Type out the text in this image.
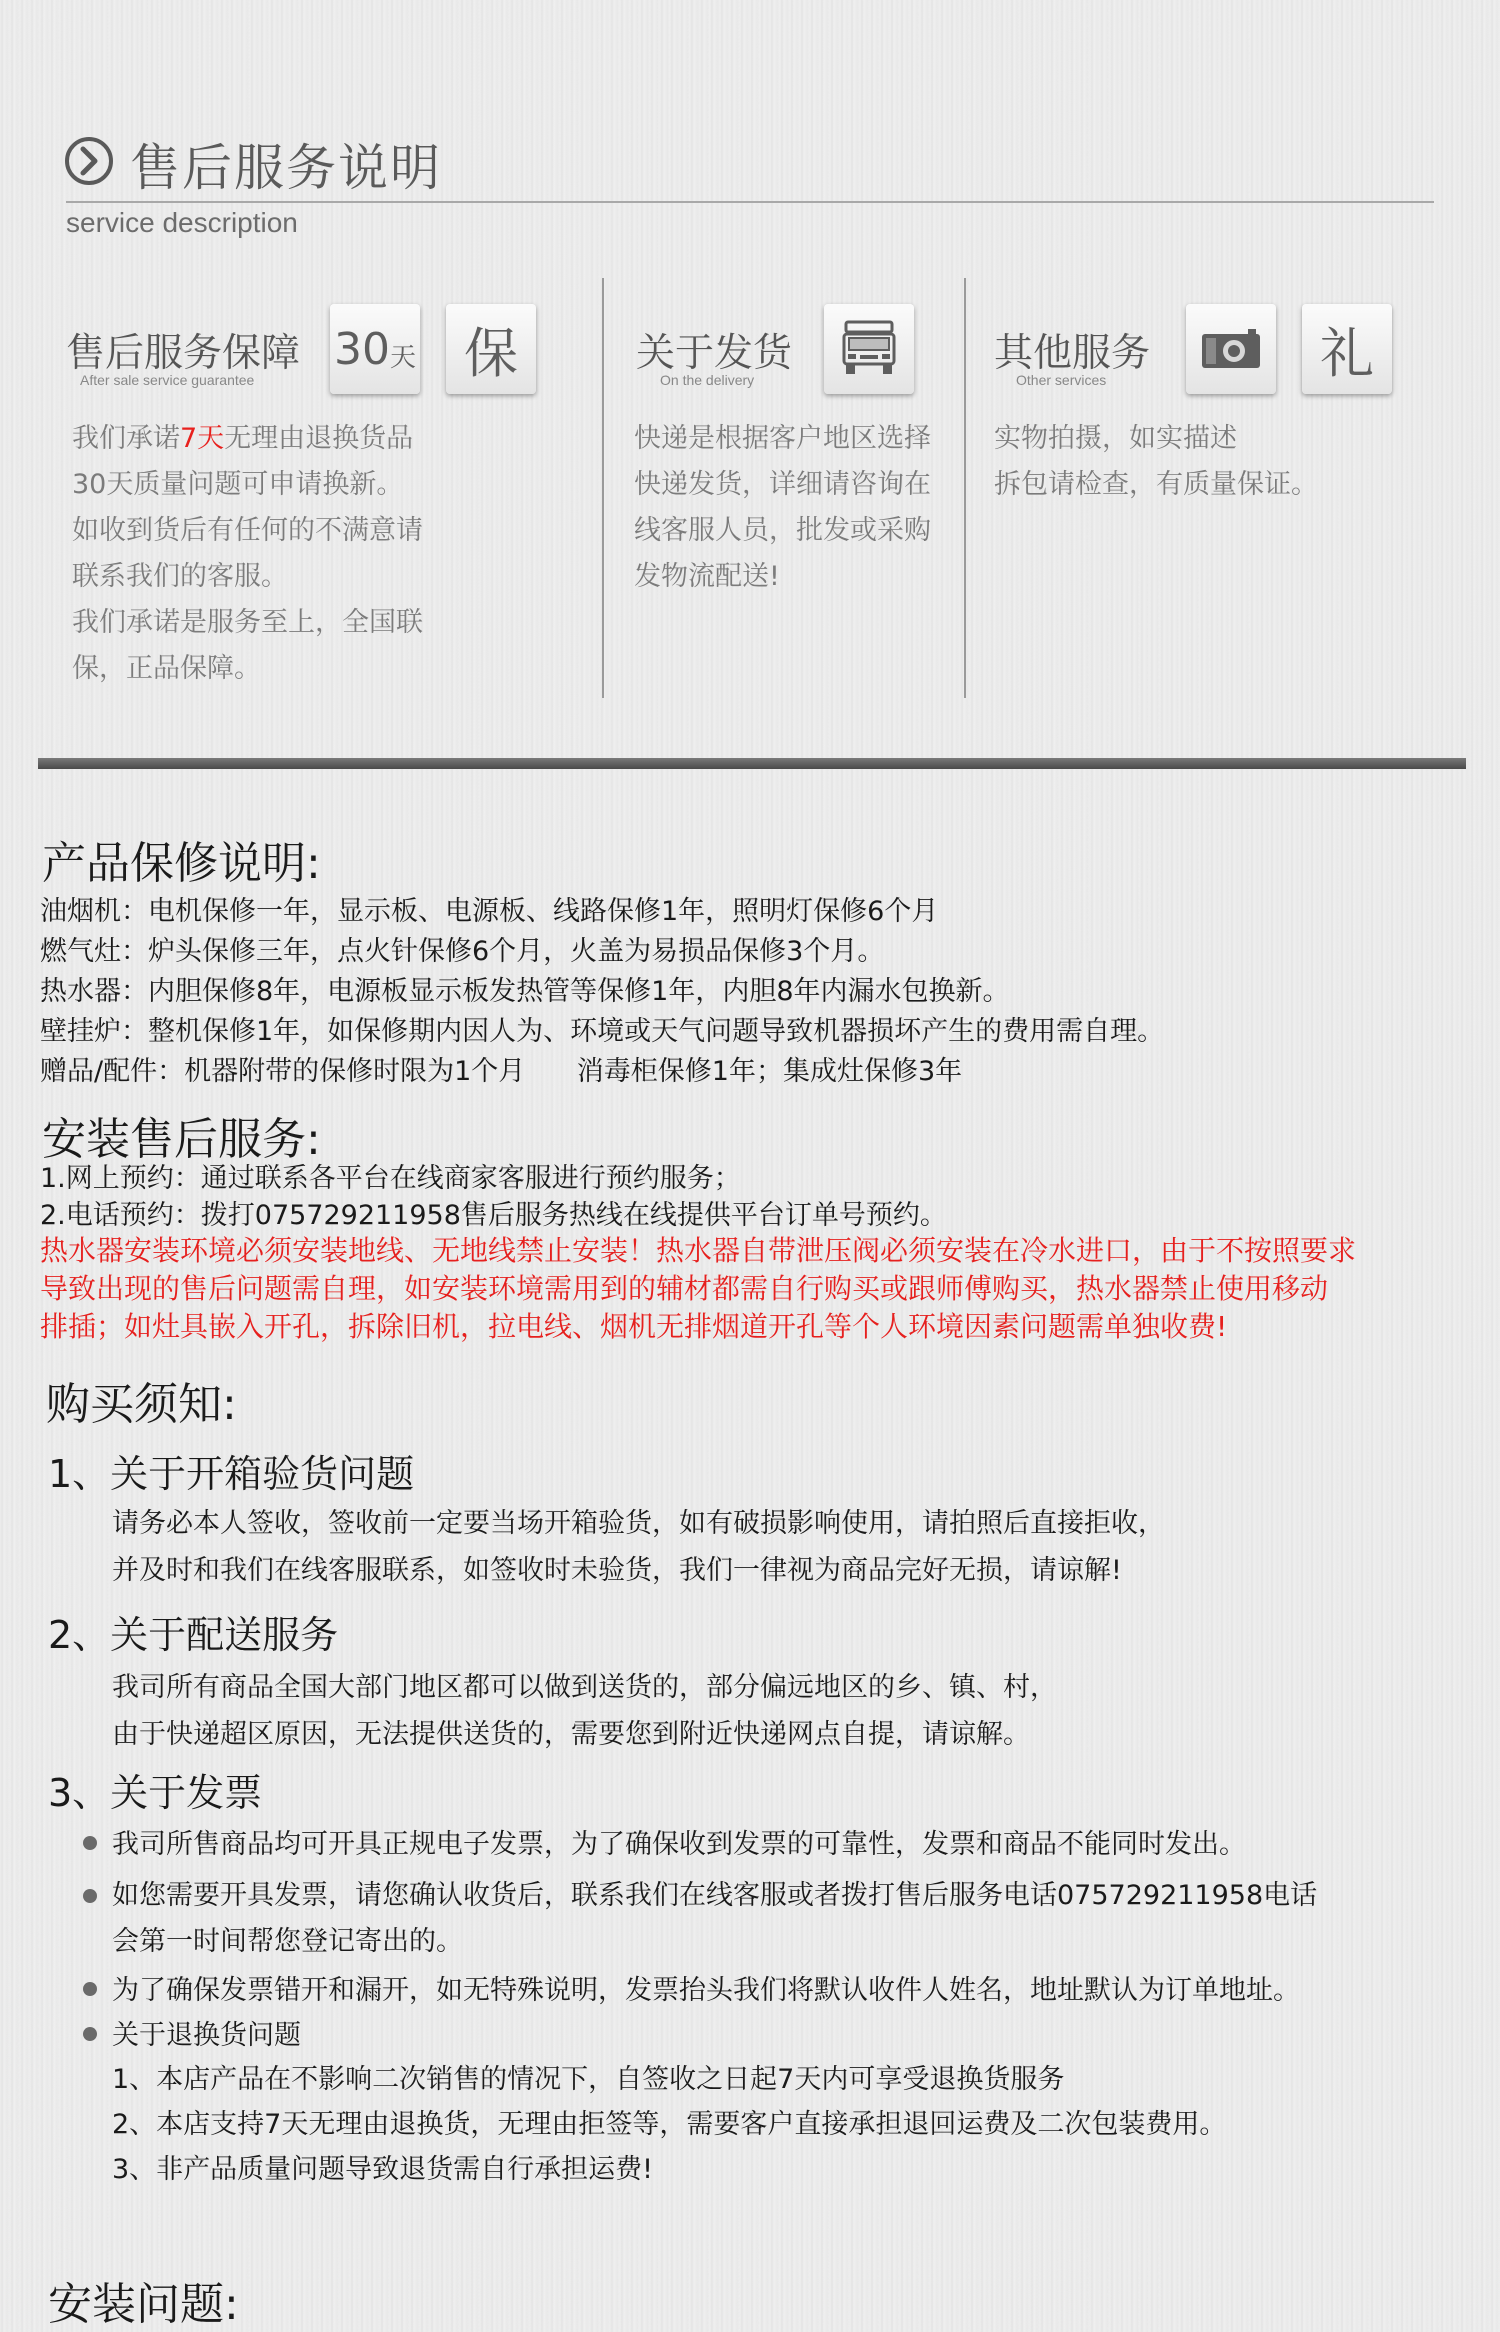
售后服务说明
service description
售后服务保障
After sale service guarantee
30 天 保
我们承诺7天无理由退换货品
30天质量问题可申请换新。
如收到货后有任何的不满意请
联系我们的客服。
我们承诺是服务至上，全国联
保，正品保障。
关于发货
On the delivery
快递是根据客户地区选择
快递发货，详细请咨询在
线客服人员，批发或采购
发物流配送!
其他服务
Other services	礼
实物拍摄，如实描述
拆包请检查，有质量保证。
产品保修说明:
油烟机：电机保修一年，显示板、电源板、线路保修1年，照明灯保修6个月
燃气灶：炉头保修三年，点火针保修6个月，火盖为易损品保修3个月。
热水器：内胆保修8年，电源板显示板发热管等保修1年，内胆8年内漏水包换新。
壁挂炉：整机保修1年，如保修期内因人为、环境或天气问题导致机器损坏产生的费用需自理。
赠品/配件：机器附带的保修时限为1个月      消毒柜保修1年；集成灶保修3年
安装售后服务:
1.网上预约：通过联系各平台在线商家客服进行预约服务；
2.电话预约：拨打075729211958售后服务热线在线提供平台订单号预约。
热水器安装环境必须安装地线、无地线禁止安装！热水器自带泄压阀必须安装在冷水进口，由于不按照要求
导致出现的售后问题需自理，如安装环境需用到的辅材都需自行购买或跟师傅购买，热水器禁止使用移动
排插；如灶具嵌入开孔，拆除旧机，拉电线、烟机无排烟道开孔等个人环境因素问题需单独收费!
购买须知:
1、关于开箱验货问题
请务必本人签收，签收前一定要当场开箱验货，如有破损影响使用，请拍照后直接拒收，
并及时和我们在线客服联系，如签收时未验货，我们一律视为商品完好无损，请谅解!
2、关于配送服务
我司所有商品全国大部门地区都可以做到送货的，部分偏远地区的乡、镇、村，
由于快递超区原因，无法提供送货的，需要您到附近快递网点自提，请谅解。
3、关于发票
我司所售商品均可开具正规电子发票，为了确保收到发票的可靠性，发票和商品不能同时发出。
如您需要开具发票，请您确认收货后，联系我们在线客服或者拨打售后服务电话075729211958电话
会第一时间帮您登记寄出的。
为了确保发票错开和漏开，如无特殊说明，发票抬头我们将默认收件人姓名，地址默认为订单地址。
关于退换货问题
1、本店产品在不影响二次销售的情况下，自签收之日起7天内可享受退换货服务
2、本店支持7天无理由退换货，无理由拒签等，需要客户直接承担退回运费及二次包装费用。
3、非产品质量问题导致退货需自行承担运费!
安装问题:
